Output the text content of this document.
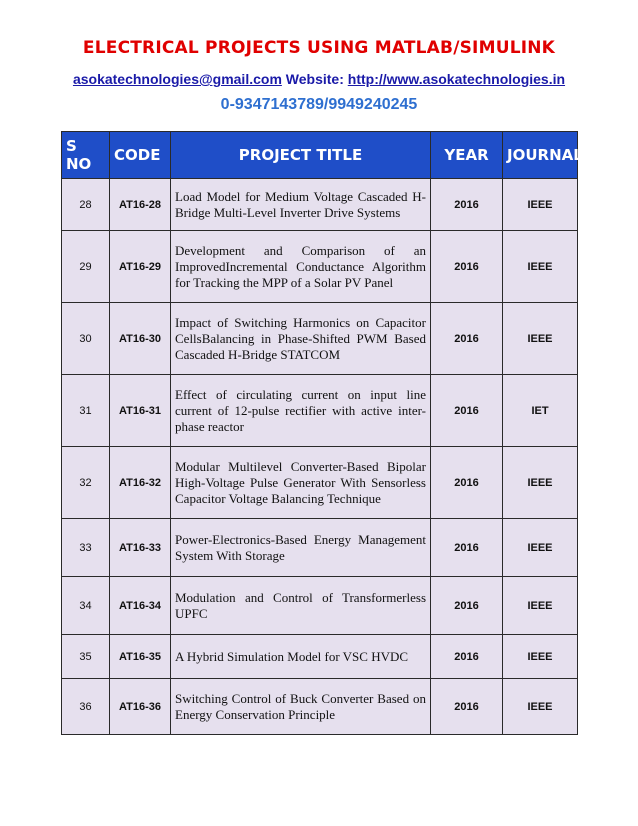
ELECTRICAL PROJECTS USING MATLAB/SIMULINK
asokatechnologies@gmail.com Website: http://www.asokatechnologies.in
0-9347143789/9949240245
S NO	CODE	PROJECT TITLE	YEAR	JOURNAL
28	AT16-28	Load Model for Medium Voltage Cascaded H-Bridge Multi-Level Inverter Drive Systems	2016	IEEE
29	AT16-29	Development and Comparison of an ImprovedIncremental Conductance Algorithm for Tracking the MPP of a Solar PV Panel	2016	IEEE
30	AT16-30	Impact of Switching Harmonics on Capacitor CellsBalancing in Phase-Shifted PWM Based Cascaded H-Bridge STATCOM	2016	IEEE
31	AT16-31	Effect of circulating current on input line current of 12-pulse rectifier with active inter-phase reactor	2016	IET
32	AT16-32	Modular Multilevel Converter-Based Bipolar High-Voltage Pulse Generator With Sensorless Capacitor Voltage Balancing Technique	2016	IEEE
33	AT16-33	Power-Electronics-Based Energy Management System With Storage	2016	IEEE
34	AT16-34	Modulation and Control of Transformerless UPFC	2016	IEEE
35	AT16-35	A Hybrid Simulation Model for VSC HVDC	2016	IEEE
36	AT16-36	Switching Control of Buck Converter Based on Energy Conservation Principle	2016	IEEE
